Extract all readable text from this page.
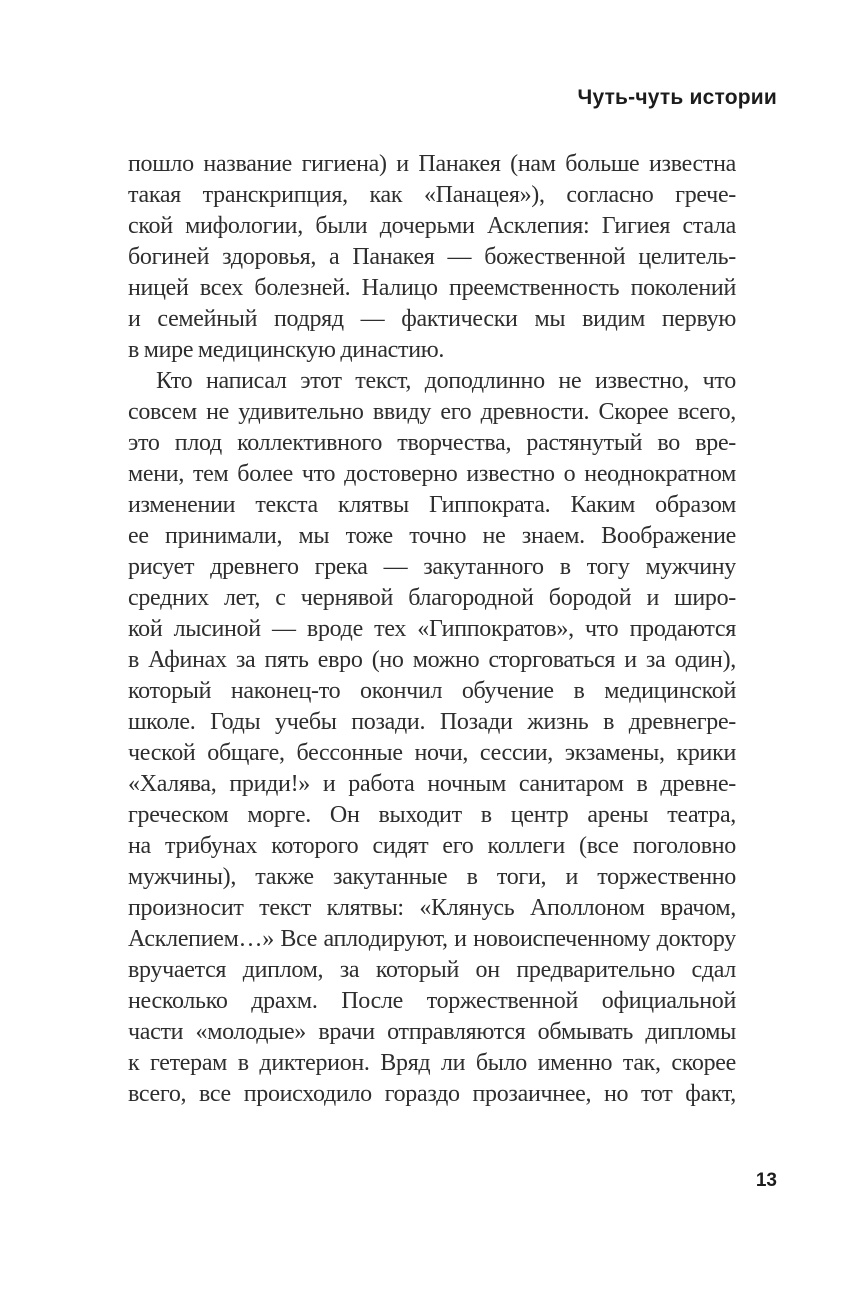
Чуть-чуть истории
пошло название гигиена) и Панакея (нам больше известна
такая транскрипция, как «Панацея»), согласно грече-
ской мифологии, были дочерьми Асклепия: Гигиея стала
богиней здоровья, а Панакея — божественной целитель-
ницей всех болезней. Налицо преемственность поколений
и семейный подряд — фактически мы видим первую
в мире медицинскую династию.
Кто написал этот текст, доподлинно не известно, что
совсем не удивительно ввиду его древности. Скорее всего,
это плод коллективного творчества, растянутый во вре-
мени, тем более что достоверно известно о неоднократном
изменении текста клятвы Гиппократа. Каким образом
ее принимали, мы тоже точно не знаем. Воображение
рисует древнего грека — закутанного в тогу мужчину
средних лет, с чернявой благородной бородой и широ-
кой лысиной — вроде тех «Гиппократов», что продаются
в Афинах за пять евро (но можно сторговаться и за один),
который наконец-то окончил обучение в медицинской
школе. Годы учебы позади. Позади жизнь в древнегре-
ческой общаге, бессонные ночи, сессии, экзамены, крики
«Халява, приди!» и работа ночным санитаром в древне-
греческом морге. Он выходит в центр арены театра,
на трибунах которого сидят его коллеги (все поголовно
мужчины), также закутанные в тоги, и торжественно
произносит текст клятвы: «Клянусь Аполлоном врачом,
Асклепием…» Все аплодируют, и новоиспеченному доктору
вручается диплом, за который он предварительно сдал
несколько драхм. После торжественной официальной
части «молодые» врачи отправляются обмывать дипломы
к гетерам в диктерион. Вряд ли было именно так, скорее
всего, все происходило гораздо прозаичнее, но тот факт,
13
